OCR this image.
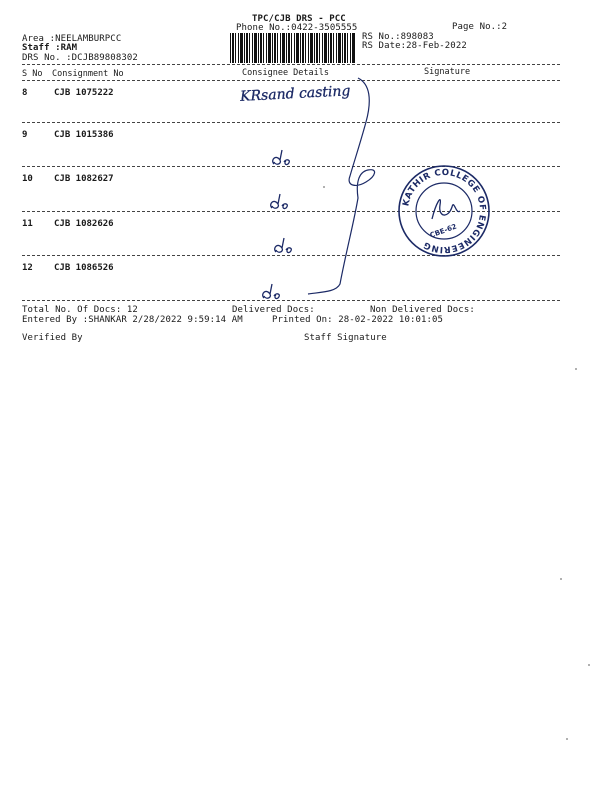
TPC/CJB DRS - PCC
Phone No.:0422-3505555	Page No.:2
RS No.:898083
RS Date:28-Feb-2022
Area :NEELAMBURPCC
Staff :RAM
DRS No. :DCJB89808302
S No Consignment No	Consignee Details	Signature
8	CJB 1075222
9	CJB 1015386
10 CJB 1082627
11 CJB 1082626
12 CJB 1086526
KRsand casting
KATHIR COLLEGE OF ENGINEERING
CBE-62
Total No. Of Docs: 12	Delivered Docs:	Non Delivered Docs:
Entered By :SHANKAR 2/28/2022 9:59:14 AM	Printed On: 28-02-2022 10:01:05
Verified By	Staff Signature
